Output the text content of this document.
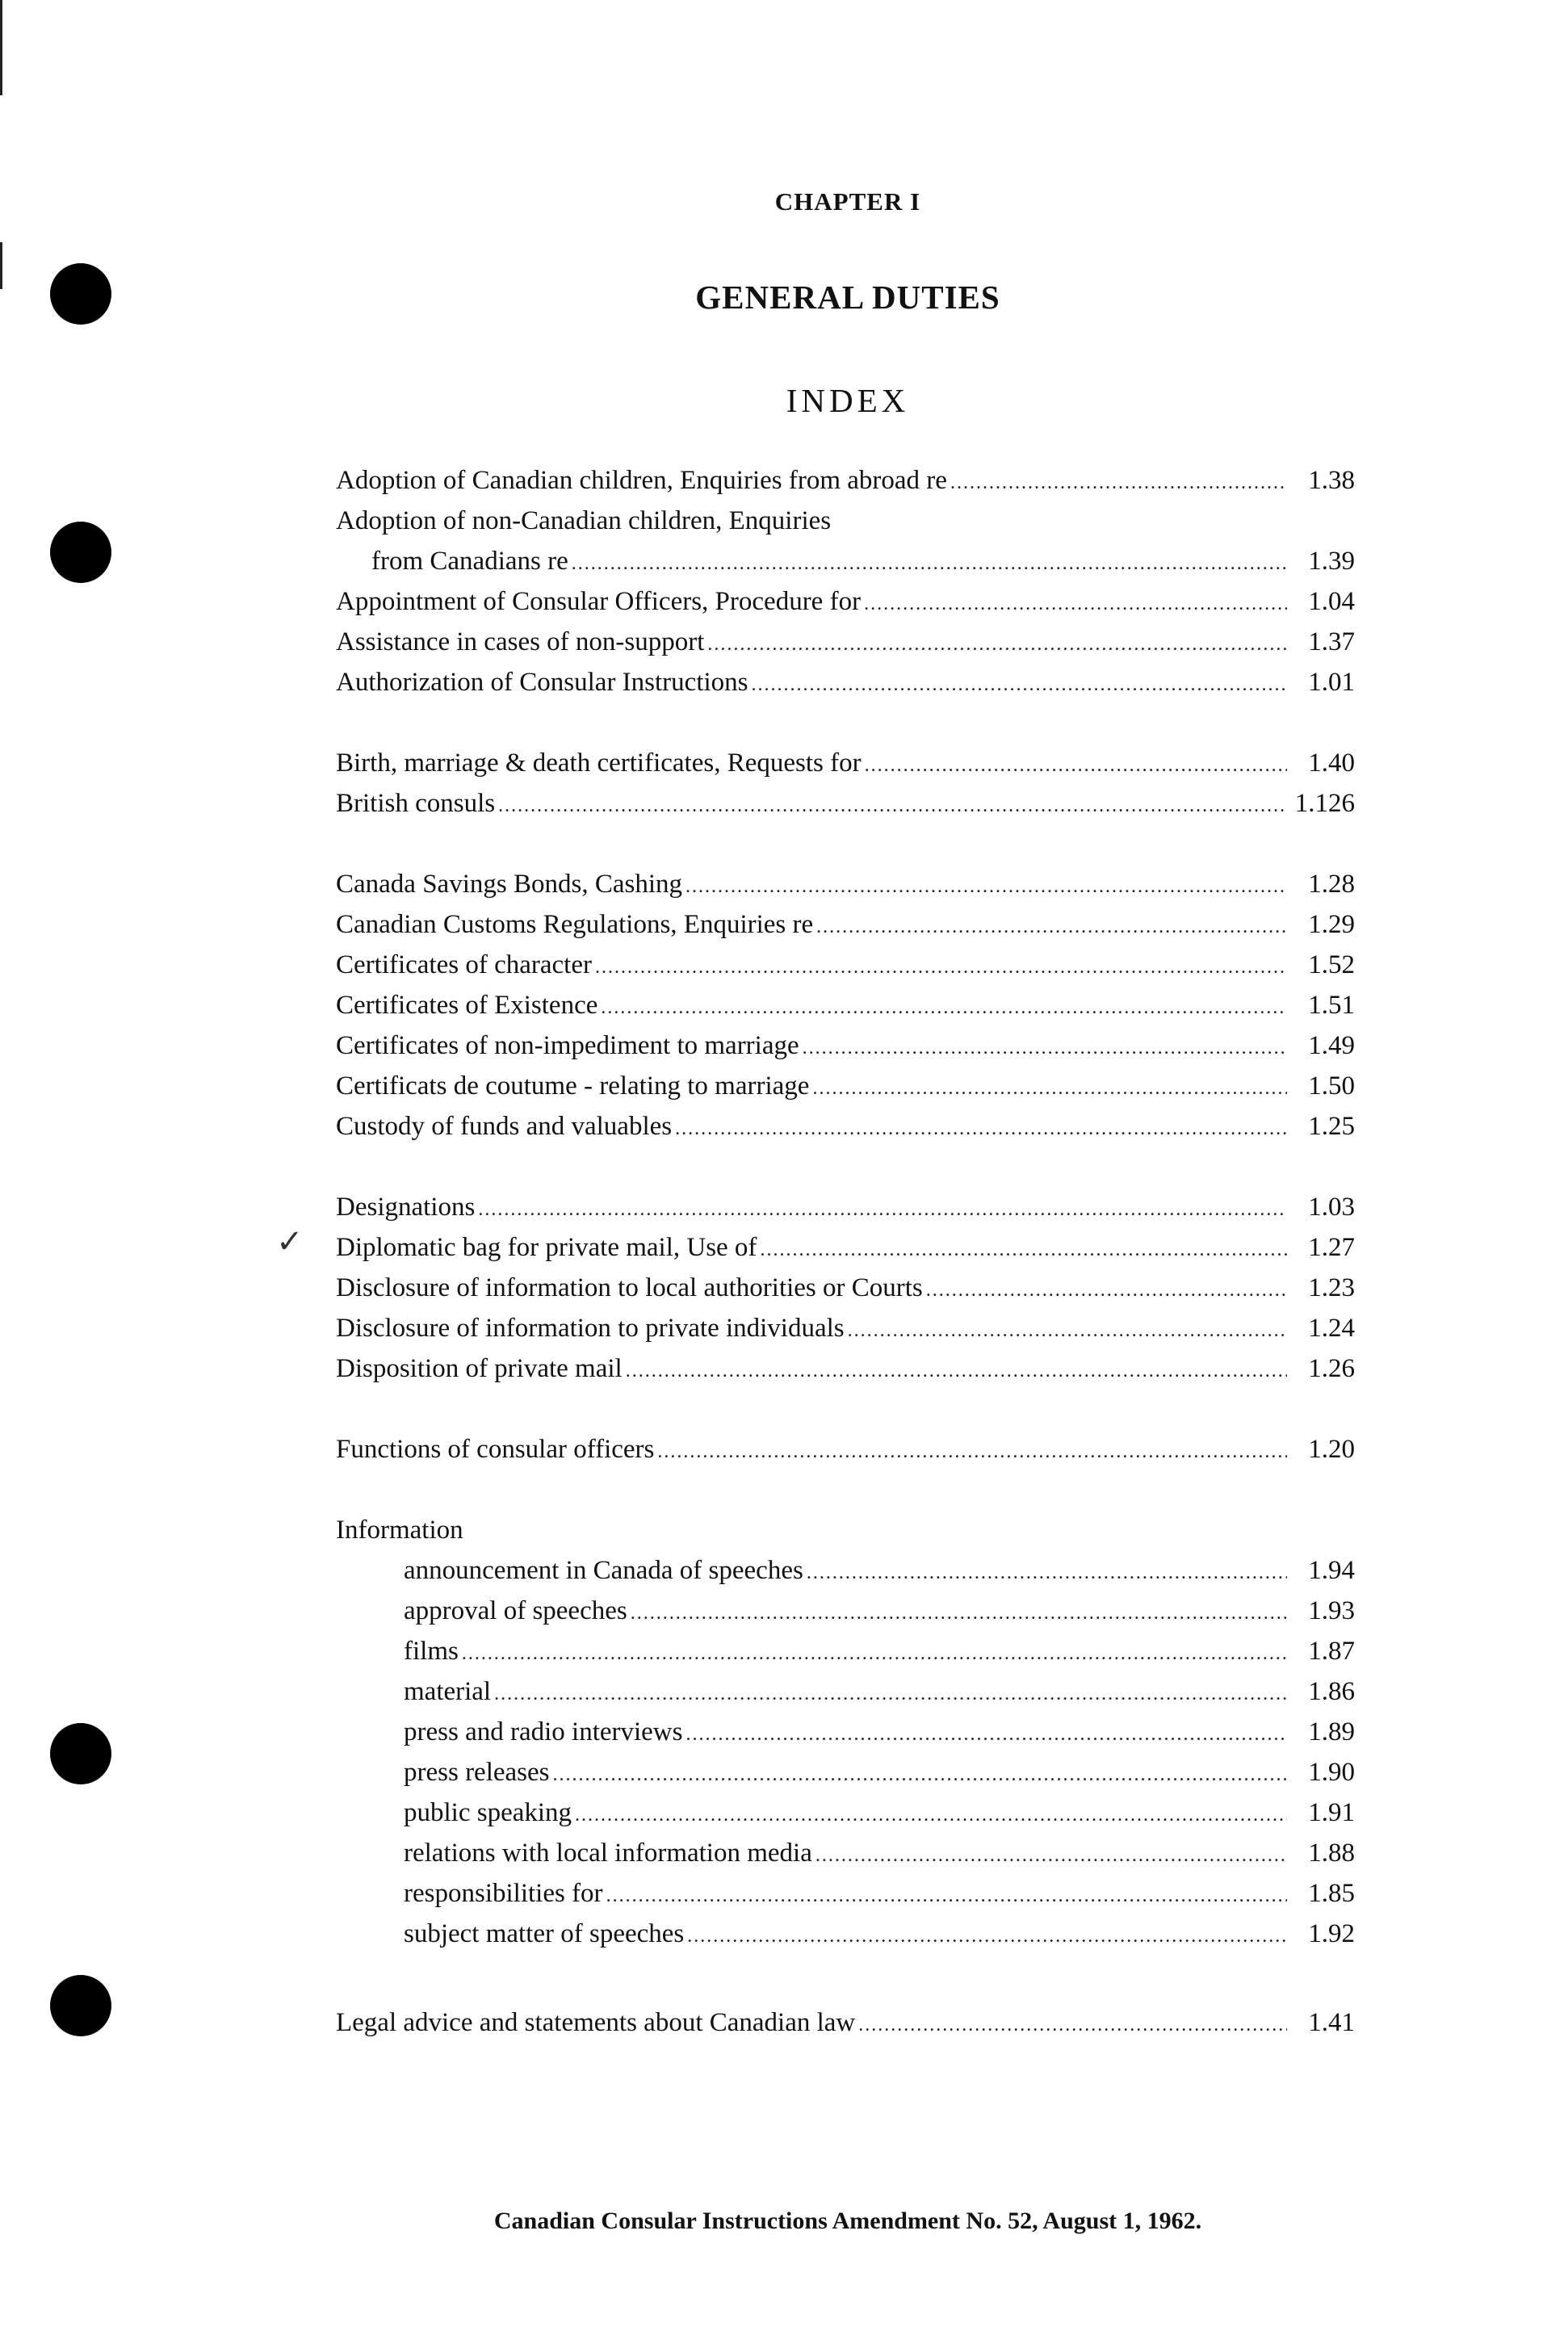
CHAPTER I
GENERAL DUTIES
INDEX
✓
Adoption of Canadian children, Enquiries from abroad re .....	1.38
Adoption of non-Canadian children, Enquiries
from Canadians re .....	1.39
Appointment of Consular Officers, Procedure for .....	1.04
Assistance in cases of non-support .....	1.37
Authorization of Consular Instructions .....	1.01
Birth, marriage & death certificates, Requests for .....	1.40
British consuls .....	1.126
Canada Savings Bonds, Cashing .....	1.28
Canadian Customs Regulations, Enquiries re .....	1.29
Certificates of character .....	1.52
Certificates of Existence .....	1.51
Certificates of non-impediment to marriage .....	1.49
Certificats de coutume - relating to marriage .....	1.50
Custody of funds and valuables .....	1.25
Designations .....	1.03
Diplomatic bag for private mail, Use of .....	1.27
Disclosure of information to local authorities or Courts .....	1.23
Disclosure of information to private individuals .....	1.24
Disposition of private mail .....	1.26
Functions of consular officers .....	1.20
Information
announcement in Canada of speeches .....	1.94
approval of speeches .....	1.93
films .....	1.87
material .....	1.86
press and radio interviews .....	1.89
press releases .....	1.90
public speaking .....	1.91
relations with local information media .....	1.88
responsibilities for .....	1.85
subject matter of speeches .....	1.92
Legal advice and statements about Canadian law .....	1.41

Canadian Consular Instructions Amendment No. 52, August 1, 1962.
